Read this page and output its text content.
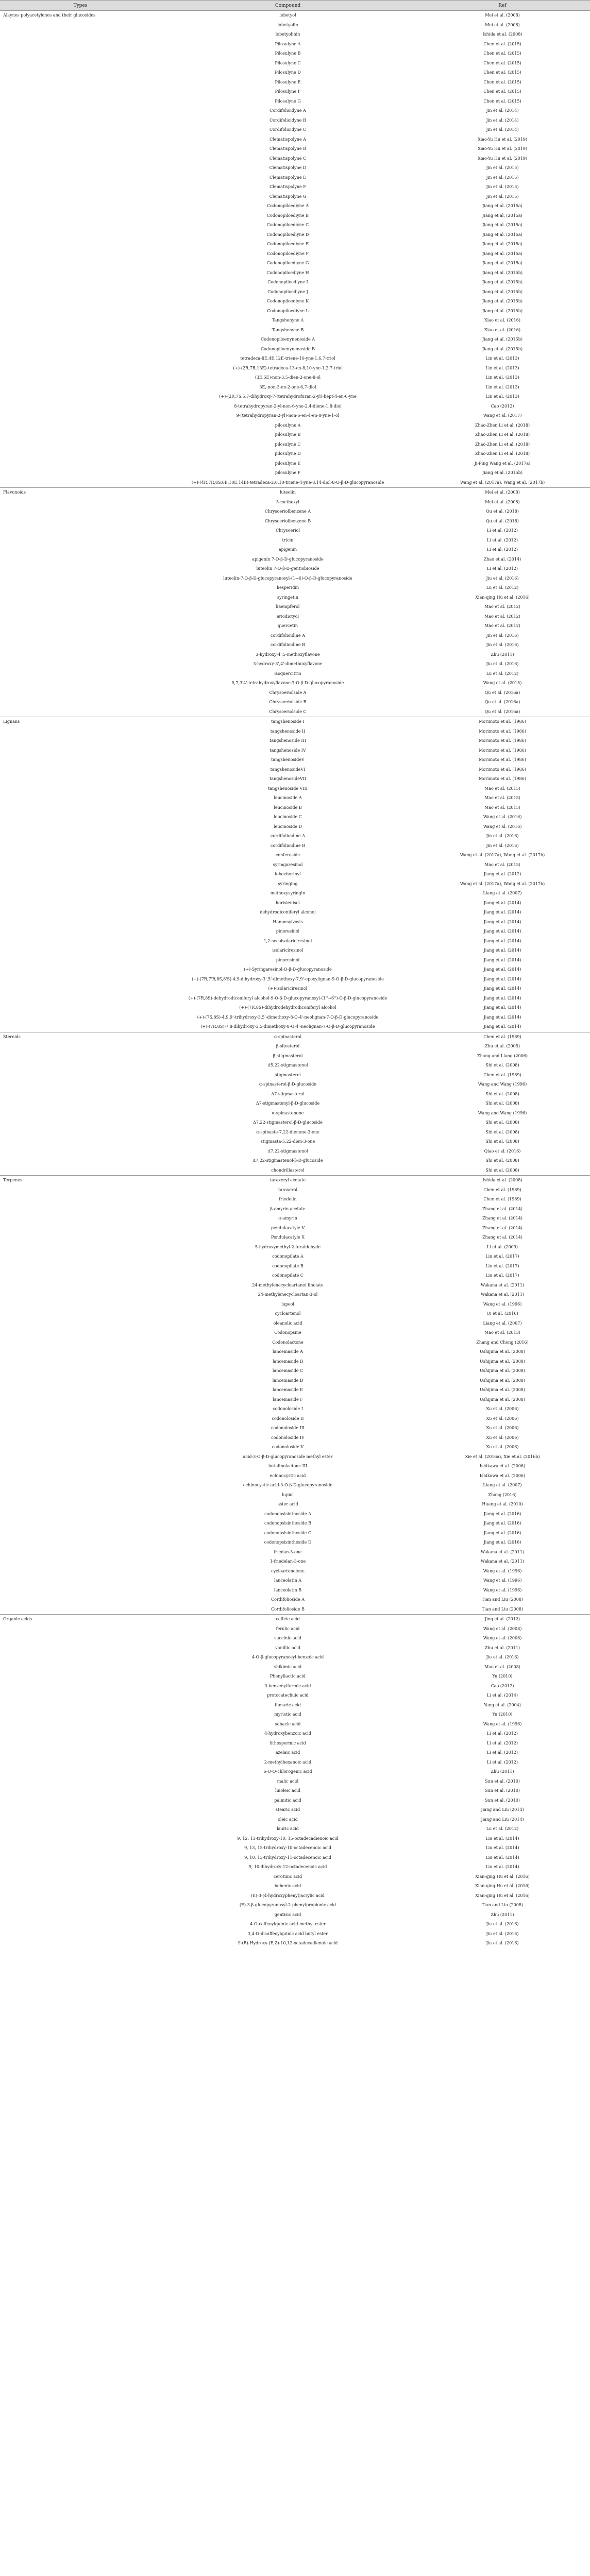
Types	Compound	Ref
Alkynes polyacetylenes and their glucosides	lobetyol	Mei et al. (2008)
	lobetyolin	Mei et al. (2008)
	lobetyolinin	Ishida et al. (2008)
	Pilosulyne A	Chen et al. (2015)
	Pilosulyne B	Chen et al. (2015)
	Pilosulyne C	Chen et al. (2015)
	Pilosulyne D	Chen et al. (2015)
	Pilosulyne E	Chen et al. (2015)
	Pilosulyne F	Chen et al. (2015)
	Pilosulyne G	Chen et al. (2015)
	Cordifolioidyne A	Jin et al. (2014)
	Cordifolioidyne B	Jin et al. (2014)
	Cordifolioidyne C	Jin et al. (2014)
	Clematispolyne A	Xiao-Yu Hu et al. (2019)
	Clematispolyne B	Xiao-Yu Hu et al. (2019)
	Clematispolyne C	Xiao-Yu Hu et al. (2019)
	Clematispolyne D	Jin et al. (2015)
	Clematispolyne E	Jin et al. (2015)
	Clematispolyne F	Jin et al. (2015)
	Clematispolyne G	Jin et al. (2015)
	Codonopiloediyne A	Jiang et al. (2015a)
	Codonopiloediyne B	Jiang et al. (2015a)
	Codonopiloediyne C	Jiang et al. (2015a)
	Codonopiloediyne D	Jiang et al. (2015a)
	Codonopiloediyne E	Jiang et al. (2015a)
	Codonopiloediyne F	Jiang et al. (2015a)
	Codonopiloediyne G	Jiang et al. (2015a)
	Codonopiloediyne H	Jiang et al. (2015b)
	Codonopiloediyne I	Jiang et al. (2015b)
	Codonopiloediyne J	Jiang et al. (2015b)
	Codonopiloediyne K	Jiang et al. (2015b)
	Codonopiloediyne L	Jiang et al. (2015b)
	Tangshenyne A	Xiao et al. (2016)
	Tangshenyne B	Xiao et al. (2016)
	Codonopiloenynenoside A	Jiang et al. (2015b)
	Codonopiloenynenoside B	Jiang et al. (2015b)
	tetradeca-8E,4E,12E-triene-10-yne-1,6,7-triol	Lin et al. (2013)
	(+)-(2R,7R,13E)-tetradeca-13-en-8,10-yne-1,2,7-triol	Lin et al. (2013)
	(3E,5E)-non-3,5-dien-2-one-8-ol	Lin et al. (2013)
	3E,-non-3-en-2-one-6,7-diol	Lin et al. (2013)
	(+)-(2R,7S,5,7-dihydroxy-7-(tetrahydrofuran-2-yl)-hept-4-en-6-yne	Lin et al. (2013)
	8-tetrahydropyran-2-yl-non-6-yne-2,4-diene-1,8-diol	Cao (2012)
	9-(tetrahydropyran-2-yl)-non-6-en-4-en-8-yne-1-ol	Wang et al. (2017)
	pilosulyne A	Zhao-Zhen Li et al. (2018)
	pilosulyne B	Zhao-Zhen Li et al. (2018)
	pilosulyne C	Zhao-Zhen Li et al. (2018)
	pilosulyne D	Zhao-Zhen Li et al. (2018)
	pilosulyne E	Ji-Ping Wang et al. (2017a)
	pilosulyne F	Jiang et al. (2015b)
	(+)-(4R,7R,8S,6E,10E,14E)-tetradeca-2,6,10-triene-4-yne-8,14-diol-8-O-β-D-glucopyranoside	Wang et al. (2017a), Wang et al. (2017b)
Flavonoids	luteolin	Mei et al. (2008)
	5-methoxyl	Mei et al. (2008)
	Chrysoeriolbenzene A	Qu et al. (2018)
	Chrysoeriolbenzene B	Qu et al. (2018)
	Chrysoeriol	Li et al. (2012)
	tricin	Li et al. (2012)
	apigenin	Li et al. (2012)
	apigenin 7-O-β-D-glucopyranoside	Zhao et al. (2014)
	luteolin 7-O-β-D-gentiobioside	Li et al. (2012)
	luteolin-7-O-β-D-glucopyranosyl-(1→6)-O-β-D-glucopyranoside	Jiu et al. (2016)
	hesperidin	Lu et al. (2012)
	syringetin	Xian-qing Hu et al. (2016)
	kaempferol	Mao et al. (2012)
	eriodictyol	Mao et al. (2012)
	quercetin	Mao et al. (2012)
	cordifolioidine A	Jin et al. (2016)
	cordifolioidine B	Jin et al. (2016)
	3-hydroxy-4',5-methoxyflavone	Zhu (2011)
	3-hydroxy-3',4'-dimethoxyflavone	Jiu et al. (2016)
	isoquercitrin	Lu et al. (2012)
	5,7,3'4'-tetrahydroxyflavone-7-O-β-D-glucopyranoside	Wang et al. (2015)
	Chrysoeriolside A	Qu et al. (2016a)
	Chrysoeriolside B	Qu et al. (2016a)
	Chrysoeriolside C	Qu et al. (2016a)
Lignans	tangshenoside I	Morimoto et al. (1986)
	tangshenoside II	Morimoto et al. (1986)
	tangshenoside III	Morimoto et al. (1986)
	tangshenoside IV	Morimoto et al. (1986)
	tangshenosideV	Morimoto et al. (1986)
	tangshenosideVI	Morimoto et al. (1986)
	tangshenosideVII	Morimoto et al. (1986)
	tangshenoside VIII	Mao et al. (2015)
	leucinoside A	Mao et al. (2015)
	leucinoside B	Mao et al. (2015)
	leucinoside C	Wang et al. (2016)
	leucinoside D	Wang et al. (2016)
	cordifolioidine A	Jin et al. (2016)
	cordifolioidine B	Jin et al. (2016)
	conferoside	Wang et al. (2017a), Wang et al. (2017b)
	syringaresinol	Mao et al. (2015)
	lobochorinyl	Jiang et al. (2012)
	syringing	Wang et al. (2017a), Wang et al. (2017b)
	methoxysyringin	Liang et al. (2007)
	horisienisol	Jiang et al. (2014)
	dehydrodiconiferyl alcohol	Jiang et al. (2014)
	Hanonsylvosis	Jiang et al. (2014)
	pinoresinol	Jiang et al. (2014)
	1,2-secoisolariciresinol	Jiang et al. (2014)
	isolariciresinol	Jiang et al. (2014)
	pinoresinol	Jiang et al. (2014)
	(+)-Syringaresinol-O-β-D-glucopyranoside	Jiang et al. (2014)
	(+)-(7R,7'R,8S,8'S)-4,9-dihydroxy-3',5'-dimethoxy-7,9'-epoxylignan-9-O-β-D-glucopyranoside	Jiang et al. (2014)
	(+)-isolariciresinol	Jiang et al. (2014)
	(+)-(7R,8S)-dehydrodiconiferyl alcohol-9-O-β-D-glucopyranosyl-(1''→6'')-O-β-D-glucopyranoside	Jiang et al. (2014)
	(+)-(7R,8S)-dihydrodehydrodiconiferyl alcohol	Jiang et al. (2014)
	(+)-(7S,8S)-4,9,9'-trihydroxy-3,5'-dimethoxy-8-O-4'-neolignan-7-O-β-D-glucopyranoside	Jiang et al. (2014)
	(+)-(7R,8S)-7,8-dihydroxy-3,5-dimethoxy-8-O-4'-neolignan-7-O-β-D-glucopyranoside	Jiang et al. (2014)
Steroids	α-spinasterol	Chen et al. (1989)
	β-sitosterol	Zhu et al. (2005)
	β-stigmasterol	Zhang and Liang (2006)
	Δ5,22-stigmastenol	Shi et al. (2008)
	stigmasterol	Chen et al. (1989)
	α-spinasterol-β-D-glucoside	Wang and Wang (1996)
	Δ7-stigmasterol	Shi et al. (2008)
	Δ7-stigmastenyl-β-D-glucoside	Shi et al. (2008)
	α-spinastenone	Wang and Wang (1996)
	Δ7,22-stigmasterol-β-D-glucoside	Shi et al. (2008)
	α-spinaste-7,22-dienone-3-one	Shi et al. (2008)
	stigmasta-5,22-dien-3-one	Shi et al. (2008)
	Δ7,22-stigmastenol	Qiao et al. (2016)
	Δ7,22-stigmastenol-β-D-glucoside	Shi et al. (2008)
	chondrillasterol	Shi et al. (2008)
Terpenes	taraxeryl acetate	Ishida et al. (2008)
	taraxerol	Chen et al. (1989)
	friedelin	Chen et al. (1989)
	β-amyrin acetate	Zhang et al. (2014)
	α-amyrin	Zhang et al. (2014)
	pendulacatyle V	Zhang et al. (2014)
	Pendulacatyle X	Zhang et al. (2014)
	5-hydroxymethyl-2-furaldehyde	Li et al. (2009)
	codonopilate A	Liu et al. (2017)
	codonopilate B	Liu et al. (2017)
	codonopilate C	Liu et al. (2017)
	24-methylenecycloartanol linolate	Wakana et al. (2011)
	24-methylenecycloartan-3-ol	Wakana et al. (2011)
	lupeol	Wang et al. (1996)
	cycloartenol	Qi et al. (2016)
	oleanolic acid	Liang et al. (2007)
	Codonopsine	Mao et al. (2013)
	Codonolactone	Zhang and Chong (2016)
	lancemaside A	Ushijima et al. (2008)
	lancemaside B	Ushijima et al. (2008)
	lancemaside C	Ushijima et al. (2008)
	lancemaside D	Ushijima et al. (2008)
	lancemaside E	Ushijima et al. (2008)
	lancemaside F	Ushijima et al. (2008)
	codonoloside I	Xu et al. (2006)
	codonoloside II	Xu et al. (2006)
	codonoloside III	Xu et al. (2006)
	codonoloside IV	Xu et al. (2006)
	codonoloside V	Xu et al. (2006)
	acid-3-O-β-D-glucopyranoside methyl ester	Xie et al. (2016a), Xie et al. (2016b)
	botulinolactone III	Ishikawa et al. (2006)
	echinocystic acid	Ishikawa et al. (2006)
	echinocystic acid-3-O-β-D-glucopyranoside	Liang et al. (2007)
	lupiol	Zhang (2016)
	aster acid	Huang et al. (2010)
	codonopsisinthoside A	Jiang et al. (2016)
	codonopsisinthoside B	Jiang et al. (2016)
	codonopsisinthoside C	Jiang et al. (2016)
	codonopsisinthoside D	Jiang et al. (2016)
	friedan-3-one	Wakana et al. (2011)
	1-friedelan-3-one	Wakana et al. (2011)
	cycloartenolone	Wang et al. (1996)
	lanceolatin A	Wang et al. (1996)
	lanceolatin B	Wang et al. (1996)
	Cordifolioside A	Tian and Liu (2008)
	Cordifolioside B	Tian and Liu (2008)
Organic acids	caffeic acid	Jing et al. (2012)
	ferulic acid	Wang et al. (2008)
	succinic acid	Wang et al. (2008)
	vanillic acid	Zhu et al. (2011)
	4-O-β-glucopyranosyl-benzoic acid	Jiu et al. (2016)
	shikimic acid	Mao et al. (2008)
	Phenyllactic acid	Yu (2010)
	3-benzenylformic acid	Cao (2012)
	protocatechuic acid	Li et al. (2014)
	fumaric acid	Yang et al. (2004)
	myristic acid	Yu (2010)
	sebacic acid	Wang et al. (1996)
	4-hydroxybenzoic acid	Li et al. (2012)
	lithospermic acid	Li et al. (2012)
	azelaic acid	Li et al. (2012)
	2-methylhexanoic acid	Li et al. (2012)
	6-O-Q-chlorogenic acid	Zhu (2011)
	malic acid	Sun et al. (2010)
	linoleic acid	Sun et al. (2010)
	palmitic acid	Sun et al. (2010)
	stearic acid	Jiang and Liu (2014)
	oleic acid	Jiang and Liu (2014)
	lauric acid	Lu et al. (2012)
	9, 12, 13-trihydroxy-10, 15-octadecadienoic acid	Liu et al. (2014)
	9, 13, 15-trihydroxy-10-octadecenoic acid	Liu et al. (2014)
	9, 10, 13-trihydroxy-11-octadecenoic acid	Liu et al. (2014)
	9, 10-dihydroxy-12-octadecenoic acid	Liu et al. (2014)
	cerotinic acid	Xian-qing Hu et al. (2016)
	behenic acid	Xian-qing Hu et al. (2016)
	(E)-3-(4-hydroxyphenyl)acrylic acid	Xian-qing Hu et al. (2016)
	(E)-3-β-glucopyranosyl-2-phenylpropionic acid	Tian and Liu (2008)
	gentisic acid	Zhu (2011)
	4-O-caffeoylquinic acid methyl ester	Jiu et al. (2016)
	3,4-O-dicaffeoylquinic acid butyl ester	Jiu et al. (2016)
	9-(R)-Hydroxy-(E,Z)-10,12-octadecadienoic acid	Jiu et al. (2016)
